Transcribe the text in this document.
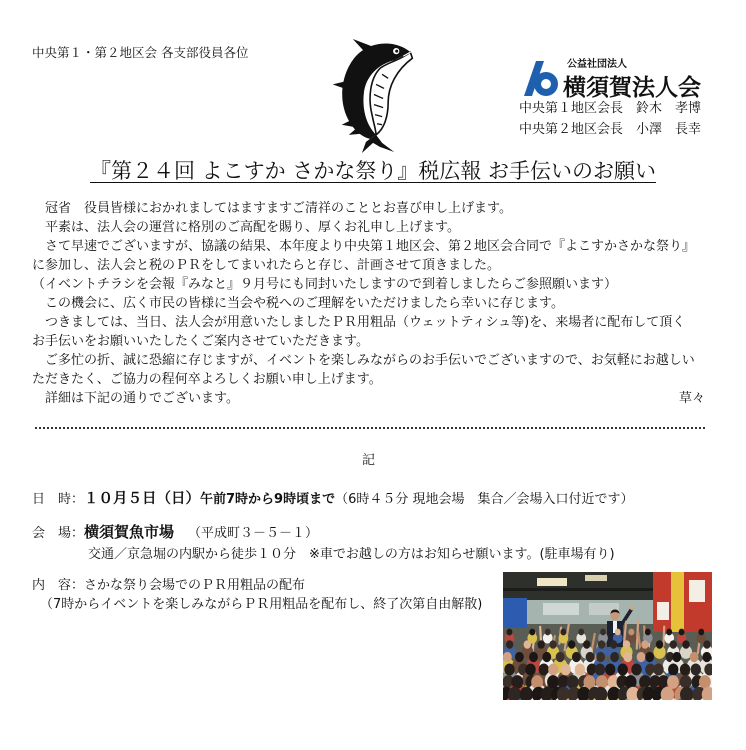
中央第１・第２地区会 各支部役員各位
公益社団法人
横須賀法人会
中央第１地区会長　鈴木　孝博
中央第２地区会長　小澤　長幸
『第２４回 よこすか さかな祭り』税広報 お手伝いのお願い
　冠省　役員皆様におかれましてはますますご清祥のこととお喜び申し上げます。
　平素は、法人会の運営に格別のご高配を賜り、厚くお礼申し上げます。
　さて早速でございますが、協議の結果、本年度より中央第１地区会、第２地区会合同で『よこすかさかな祭り』
に参加し、法人会と税のＰＲをしてまいれたらと存じ、計画させて頂きました。
（イベントチラシを会報『みなと』９月号にも同封いたしますので到着しましたらご参照願います）
　この機会に、広く市民の皆様に当会や税へのご理解をいただけましたら幸いに存じます。
　つきましては、当日、法人会が用意いたしましたＰＲ用粗品（ウェットティシュ等)を、来場者に配布して頂く
お手伝いをお願いいたしたくご案内させていただきます。
　ご多忙の折、誠に恐縮に存じますが、イベントを楽しみながらのお手伝いでございますので、お気軽にお越しい
ただきたく、ご協力の程何卒よろしくお願い申し上げます。
　詳細は下記の通りでございます。	草々
記
日　時： １０月５日（日） 午前7時から9時頃まで （6時４５分 現地会場　集合／会場入口付近です）
会　場： 横須賀魚市場 （平成町３－５－１）
交通／京急堀の内駅から徒歩１０分　※車でお越しの方はお知らせ願います。(駐車場有り)
内　容： さかな祭り会場でのＰＲ用粗品の配布
（7時からイベントを楽しみながらＰＲ用粗品を配布し、終了次第自由解散)
